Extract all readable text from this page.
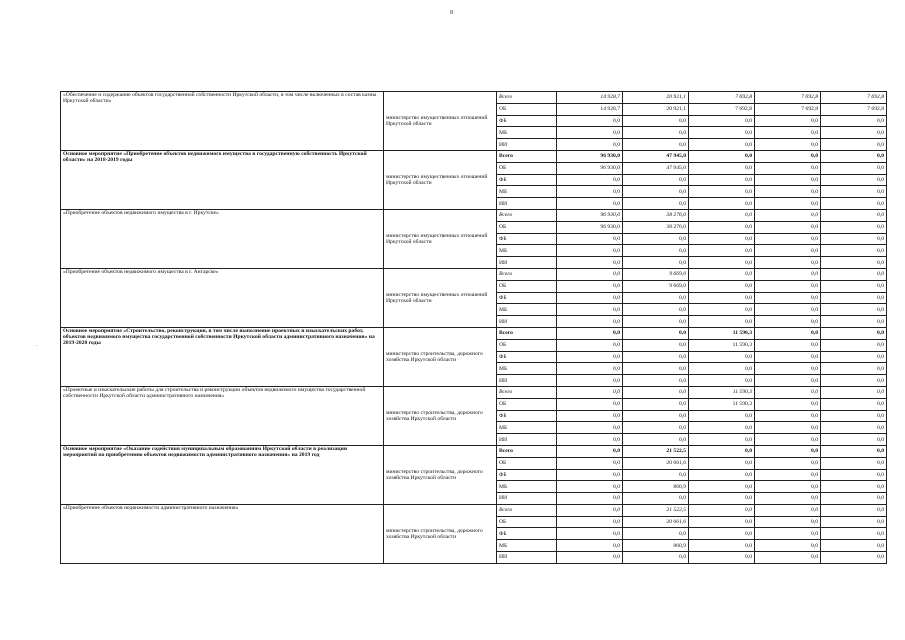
8
.
«Обеспечение и содержание объектов государственной собственности Иркутской области, в том числе включенных в состав казны Иркутской области»	министерство имущественных отношений Иркутской области	Всего	14 928,7	20 921,1	7 692,8	7 692,8	7 692,8
		ОБ	14 928,7	20 921,1	7 692,8	7 692,8	7 692,8
		ФБ	0,0	0,0	0,0	0,0	0,0
		МБ	0,0	0,0	0,0	0,0	0,0
		ИИ	0,0	0,0	0,0	0,0	0,0
Основное мероприятие «Приобретение объектов недвижимого имущества в государственную собственность Иркутской области» на 2018-2019 годы	министерство имущественных отношений Иркутской области	Всего	96 930,0	47 945,0	0,0	0,0	0,0
		ОБ	96 930,0	47 945,0	0,0	0,0	0,0
		ФБ	0,0	0,0	0,0	0,0	0,0
		МБ	0,0	0,0	0,0	0,0	0,0
		ИИ	0,0	0,0	0,0	0,0	0,0
«Приобретение объектов недвижимого имущества в г. Иркутске»	министерство имущественных отношений Иркутской области	Всего	96 930,0	38 276,0	0,0	0,0	0,0
		ОБ	96 930,0	38 276,0	0,0	0,0	0,0
		ФБ	0,0	0,0	0,0	0,0	0,0
		МБ	0,0	0,0	0,0	0,0	0,0
		ИИ	0,0	0,0	0,0	0,0	0,0
«Приобретение объектов недвижимого имущества в г. Ангарске»	министерство имущественных отношений Иркутской области	Всего	0,0	9 669,0	0,0	0,0	0,0
		ОБ	0,0	9 669,0	0,0	0,0	0,0
		ФБ	0,0	0,0	0,0	0,0	0,0
		МБ	0,0	0,0	0,0	0,0	0,0
		ИИ	0,0	0,0	0,0	0,0	0,0
Основное мероприятие «Строительство, реконструкция, в том числе выполнение проектных и изыскательских работ, объектов недвижимого имущества государственной собственности Иркутской области административного назначения» на 2019-2020 годы	министерство строительства, дорожного хозяйства Иркутской области	Всего	0,0	0,0	11 590,3	0,0	0,0
		ОБ	0,0	0,0	11 590,3	0,0	0,0
		ФБ	0,0	0,0	0,0	0,0	0,0
		МБ	0,0	0,0	0,0	0,0	0,0
		ИИ	0,0	0,0	0,0	0,0	0,0
«Проектные и изыскательские работы для строительства и реконструкции объектов недвижимого имущества государственной собственности Иркутской области административного назначения»	министерство строительства, дорожного хозяйства Иркутской области	Всего	0,0	0,0	11 590,3	0,0	0,0
		ОБ	0,0	0,0	11 590,3	0,0	0,0
		ФБ	0,0	0,0	0,0	0,0	0,0
		МБ	0,0	0,0	0,0	0,0	0,0
		ИИ	0,0	0,0	0,0	0,0	0,0
Основное мероприятие «Оказание содействия муниципальным образованиям Иркутской области в реализации мероприятий по приобретению объектов недвижимости административного назначения» на 2019 год	министерство строительства, дорожного хозяйства Иркутской области	Всего	0,0	21 522,5	0,0	0,0	0,0
		ОБ	0,0	20 661,6	0,0	0,0	0,0
		ФБ	0,0	0,0	0,0	0,0	0,0
		МБ	0,0	860,9	0,0	0,0	0,0
		ИИ	0,0	0,0	0,0	0,0	0,0
«Приобретение объектов недвижимости административного назначения»	министерство строительства, дорожного хозяйства Иркутской области	Всего	0,0	21 522,5	0,0	0,0	0,0
		ОБ	0,0	20 661,6	0,0	0,0	0,0
		ФБ	0,0	0,0	0,0	0,0	0,0
		МБ	0,0	860,9	0,0	0,0	0,0
		ИИ	0,0	0,0	0,0	0,0	0,0
